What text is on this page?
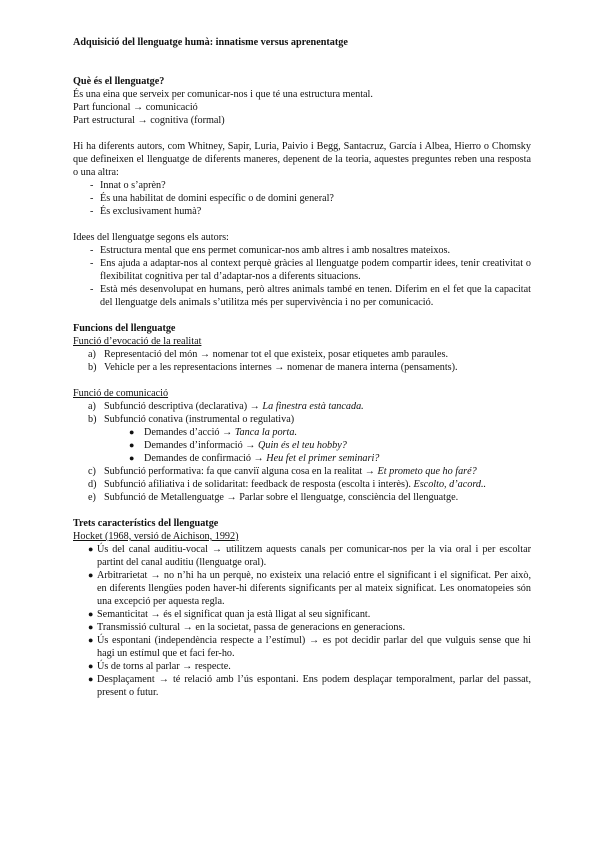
Adquisició del llenguatge humà: innatisme versus aprenentatge

Què és el llenguatge?

És una eina que serveix per comunicar-nos i que té una estructura mental.

Part funcional → comunicació

Part estructural → cognitiva (formal)

Hi ha diferents autors, com Whitney, Sapir, Luria, Paivio i Begg, Santacruz, García i Albea, Hierro o Chomsky que defineixen el llenguatge de diferents maneres, depenent de la teoria, aquestes preguntes reben una resposta o una altra:

- Innat o s’aprèn?
- És una habilitat de domini específic o de domini general?
- És exclusivament humà?

Idees del llenguatge segons els autors:

- Estructura mental que ens permet comunicar-nos amb altres i amb nosaltres mateixos.
- Ens ajuda a adaptar-nos al context perquè gràcies al llenguatge podem compartir idees, tenir creativitat o flexibilitat cognitiva per tal d’adaptar-nos a diferents situacions.
- Està més desenvolupat en humans, però altres animals també en tenen. Diferim en el fet que la capacitat del llenguatge dels animals s’utilitza més per supervivència i no per comunicació.

Funcions del llenguatge

Funció d’evocació de la realitat

a) Representació del món → nomenar tot el que existeix, posar etiquetes amb paraules.
b) Vehicle per a les representacions internes → nomenar de manera interna (pensaments).

Funció de comunicació

a) Subfunció descriptiva (declarativa) → La finestra està tancada.
b) Subfunció conativa (instrumental o regulativa)
● Demandes d’acció → Tanca la porta.
● Demandes d’informació → Quin és el teu hobby?
● Demandes de confirmació → Heu fet el primer seminari?
c) Subfunció performativa: fa que canviï alguna cosa en la realitat → Et prometo que ho faré?
d) Subfunció afiliativa i de solidaritat: feedback de resposta (escolta i interès). Escolto, d’acord..
e) Subfunció de Metallenguatge → Parlar sobre el llenguatge, consciència del llenguatge.

Trets característics del llenguatge

Hocket (1968, versió de Aichison, 1992)

● Ús del canal auditiu-vocal → utilitzem aquests canals per comunicar-nos per la via oral i per escoltar partint del canal auditiu (llenguatge oral).
● Arbitrarietat → no n’hi ha un perquè, no existeix una relació entre el significant i el significat. Per això, en diferents llengües poden haver-hi diferents significants per al mateix significat. Les onomatopeies són una excepció per aquesta regla.
● Semanticitat → és el significat quan ja està lligat al seu significant.
● Transmissió cultural → en la societat, passa de generacions en generacions.
● Ús espontani (independència respecte a l’estímul) → es pot decidir parlar del que vulguis sense que hi hagi un estímul que et faci fer-ho.
● Ús de torns al parlar → respecte.
● Desplaçament → té relació amb l’ús espontani. Ens podem desplaçar temporalment, parlar del passat, present o futur.
